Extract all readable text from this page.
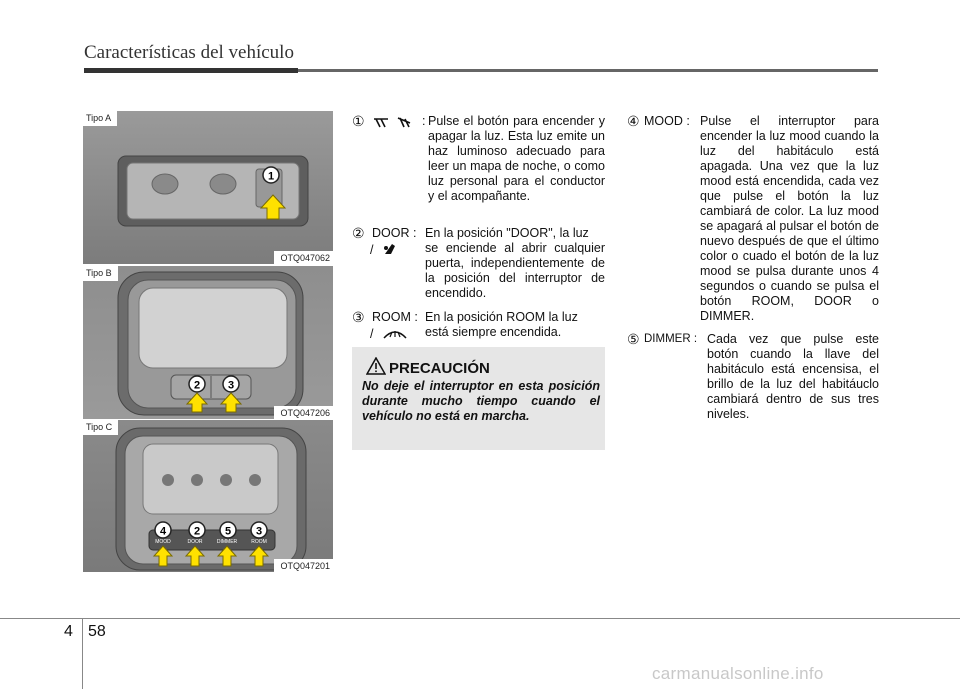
Características del vehículo
1
Tipo A
OTQ047062
2	3
Tipo B
OTQ047206
MOOD	DOOR	DIMMER	ROOM
4	2 5 3
Tipo C
OTQ047201
①	: Pulse el botón para encender y apagar la luz. Esta luz emite un haz luminoso adecuado para leer un mapa de noche, o como luz personal para el conductor y el acompañante.
② DOOR : En la posición "DOOR", la luz
/	se enciende al abrir cualquier puerta, independientemente de la posición del interruptor de encendido.
③ ROOM : En la posición ROOM la luz
/	está siempre encendida.
PRECAUCIÓN
No deje el interruptor en esta posición durante mucho tiempo cuando el vehículo no está en marcha.
④ MOOD : Pulse el interruptor para encender la luz mood cuando la luz del habitáculo está apagada. Una vez que la luz mood está encendida, cada vez que pulse el botón la luz cambiará de color. La luz mood se apagará al pulsar el botón de nuevo después de que el último color o cuado el botón de la luz mood se pulsa durante unos 4 segundos o cuando se pulsa el botón ROOM, DOOR o DIMMER.
⑤ DIMMER : Cada vez que pulse este botón cuando la llave del habitáculo está encensisa, el brillo de la luz del habitáuclo cambiará dentro de sus tres niveles.
4 58
carmanualsonline.info
